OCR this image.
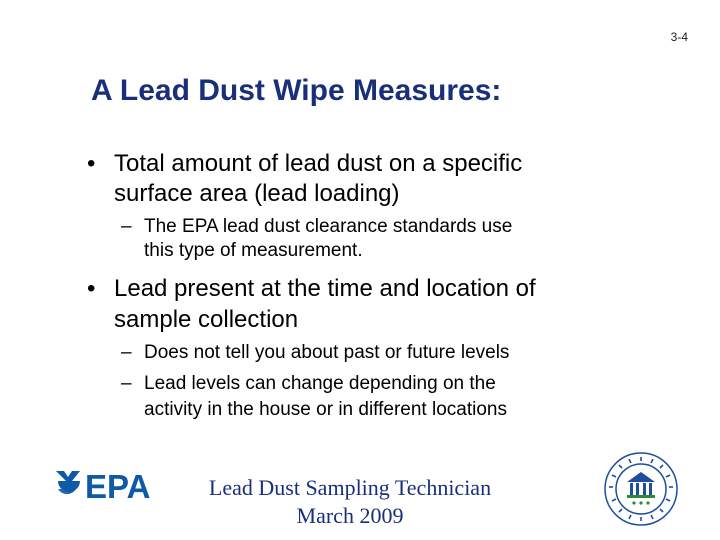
3-4
A Lead Dust Wipe Measures:
• Total amount of lead dust on a specific
surface area (lead loading)
– The EPA lead dust clearance standards use
this type of measurement.
• Lead present at the time and location of
sample collection
– Does not tell you about past or future levels
– Lead levels can change depending on the
activity in the house or in different locations
EPA	Lead Dust Sampling Technician
March 2009
